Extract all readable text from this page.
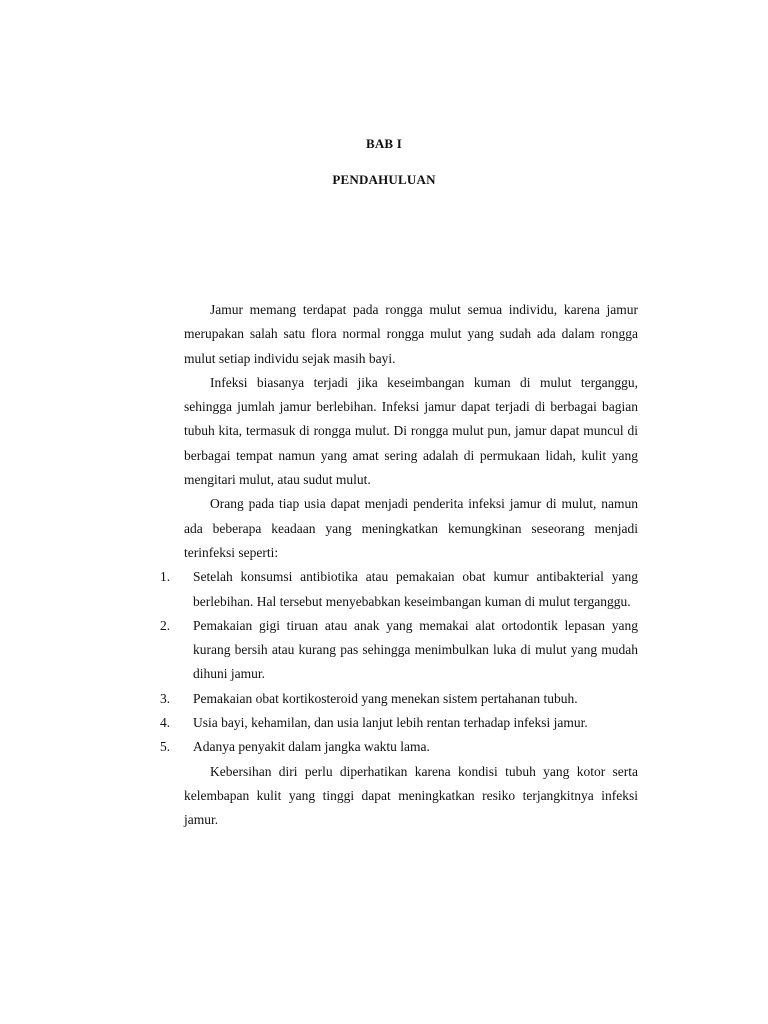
BAB I
PENDAHULUAN

Jamur memang terdapat pada rongga mulut semua individu, karena jamur merupakan salah satu flora normal rongga mulut yang sudah ada dalam rongga mulut setiap individu sejak masih bayi.

Infeksi biasanya terjadi jika keseimbangan kuman di mulut terganggu, sehingga jumlah jamur berlebihan. Infeksi jamur dapat terjadi di berbagai bagian tubuh kita, termasuk di rongga mulut. Di rongga mulut pun, jamur dapat muncul di berbagai tempat namun yang amat sering adalah di permukaan lidah, kulit yang mengitari mulut, atau sudut mulut.

Orang pada tiap usia dapat menjadi penderita infeksi jamur di mulut, namun ada beberapa keadaan yang meningkatkan kemungkinan seseorang menjadi terinfeksi seperti:

1. Setelah konsumsi antibiotika atau pemakaian obat kumur antibakterial yang berlebihan. Hal tersebut menyebabkan keseimbangan kuman di mulut terganggu.
2. Pemakaian gigi tiruan atau anak yang memakai alat ortodontik lepasan yang kurang bersih atau kurang pas sehingga menimbulkan luka di mulut yang mudah dihuni jamur.
3. Pemakaian obat kortikosteroid yang menekan sistem pertahanan tubuh.
4. Usia bayi, kehamilan, dan usia lanjut lebih rentan terhadap infeksi jamur.
5. Adanya penyakit dalam jangka waktu lama.

Kebersihan diri perlu diperhatikan karena kondisi tubuh yang kotor serta kelembapan kulit yang tinggi dapat meningkatkan resiko terjangkitnya infeksi jamur.
